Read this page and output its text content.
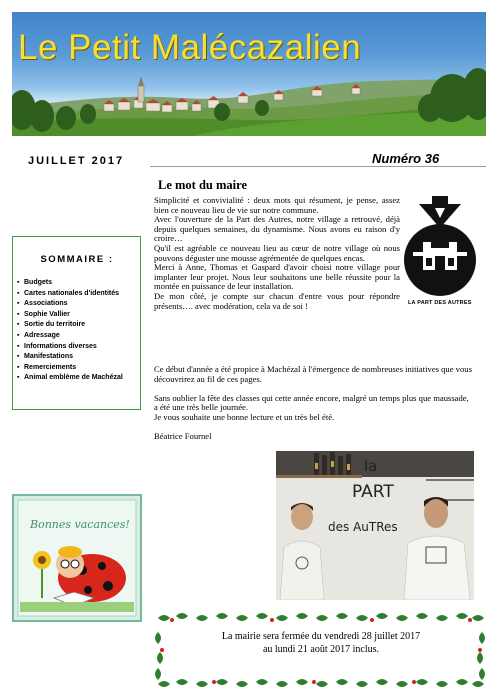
Le Petit Malécazalien
JUILLET 2017	Numéro 36
SOMMAIRE :
▪ Budgets
▪ Cartes nationales d'identités
▪ Associations
▪ Sophie Vallier
▪ Sortie du territoire
▪ Adressage
▪ Informations diverses
▪ Manifestations
▪ Remerciements
▪ Animal emblème de Machézal
Le mot du maire

Simplicité et convivialité : deux mots qui résument, je pense, assez bien ce nouveau lieu de vie sur notre commune.

Avec l'ouverture de la Part des Autres, notre village a retrouvé, déjà depuis quelques semaines, du dynamisme. Nous avons eu raison d'y croire…

Qu'il est agréable ce nouveau lieu au cœur de notre village où nous pouvons déguster une mousse agrémentée de quelques encas.

Merci à Anne, Thomas et Gaspard d'avoir choisi notre village pour implanter leur projet. Nous leur souhaitons une belle réussite pour la montée en puissance de leur installation.

De mon côté, je compte sur chacun d'entre vous pour répondre présents…. avec modération, cela va de soi !

Ce début d'année a été propice à Machézal à l'émergence de nombreuses initiatives que vous découvrirez au fil de ces pages.

Sans oublier la fête des classes qui cette année encore, malgré un temps plus que maussade, a été une très belle journée.

Je vous souhaite une bonne lecture et un très bel été.

Béatrice Fournel

LA PART DES AUTRES
la
PART
des AuTRes
Bonnes vacances!
La mairie sera fermée du vendredi 28 juillet 2017
au lundi 21 août 2017 inclus.
